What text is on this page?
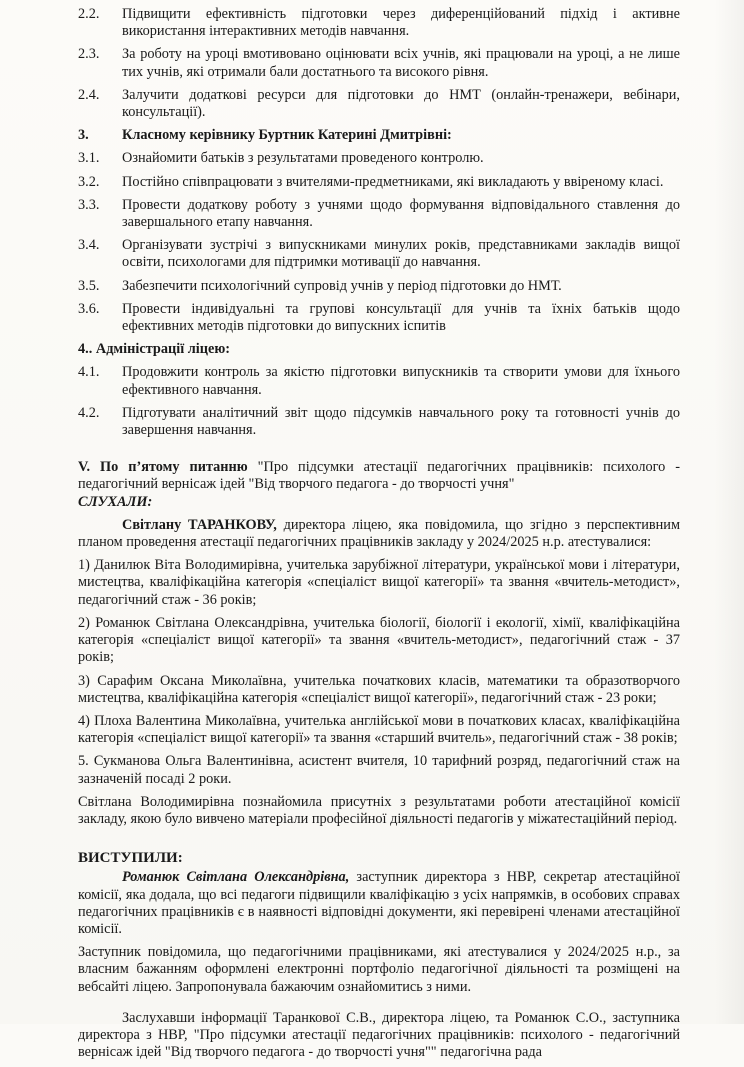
2.2.	Підвищити ефективність підготовки через диференційований підхід і активне використання інтерактивних методів навчання.
2.3.	За роботу на уроці вмотивовано оцінювати всіх учнів, які працювали на уроці, а не лише тих учнів, які отримали бали достатнього та високого рівня.
2.4.	Залучити додаткові ресурси для підготовки до НМТ (онлайн-тренажери, вебінари, консультації).
3.	Класному керівнику Буртник Катерині Дмитрівні:
3.1.	Ознайомити батьків з результатами проведеного контролю.
3.2.	Постійно співпрацювати з вчителями-предметниками, які викладають у ввіреному класі.
3.3.	Провести додаткову роботу з учнями щодо формування відповідального ставлення до завершального етапу навчання.
3.4.	Організувати зустрічі з випускниками минулих років, представниками закладів вищої освіти, психологами для підтримки мотивації до навчання.
3.5.	Забезпечити психологічний супровід учнів у період підготовки до НМТ.
3.6.	Провести індивідуальні та групові консультації для учнів та їхніх батьків щодо ефективних методів підготовки до випускних іспитів
4.. Адміністрації ліцею:
4.1.	Продовжити контроль за якістю підготовки випускників та створити умови для їхнього ефективного навчання.
4.2.	Підготувати аналітичний звіт щодо підсумків навчального року та готовності учнів до завершення навчання.
V. По п’ятому питанню "Про підсумки атестації педагогічних працівників: психолого - педагогічний вернісаж ідей "Від творчого педагога - до творчості учня"
СЛУХАЛИ:
Світлану ТАРАНКОВУ, директора ліцею, яка повідомила, що згідно з перспективним планом проведення атестації педагогічних працівників закладу у 2024/2025 н.р. атестувалися:
1) Данилюк Віта Володимирівна, учителька зарубіжної літератури, української мови і літератури, мистецтва, кваліфікаційна категорія «спеціаліст вищої категорії» та звання «вчитель-методист», педагогічний стаж - 36 років;
2) Романюк Світлана Олександрівна, учителька біології, біології і екології, хімії, кваліфікаційна категорія «спеціаліст вищої категорії» та звання «вчитель-методист», педагогічний стаж - 37 років;
3) Сарафим Оксана Миколаївна, учителька початкових класів, математики та образотворчого мистецтва, кваліфікаційна категорія «спеціаліст вищої категорії», педагогічний стаж - 23 роки;
4) Плоха Валентина Миколаївна, учителька англійської мови в початкових класах, кваліфікаційна категорія «спеціаліст вищої категорії» та звання «старший вчитель», педагогічний стаж - 38 років;
5. Сукманова Ольга Валентинівна, асистент вчителя, 10 тарифний розряд, педагогічний стаж на зазначеній посаді 2 роки.
Світлана Володимирівна познайомила присутніх з результатами роботи атестаційної комісії закладу, якою було вивчено матеріали професійної діяльності педагогів у міжатестаційний період.
ВИСТУПИЛИ:
Романюк Світлана Олександрівна, заступник директора з НВР, секретар атестаційної комісії, яка додала, що всі педагоги підвищили кваліфікацію з усіх напрямків, в особових справах педагогічних працівників є в наявності відповідні документи, які перевірені членами атестаційної комісії.
Заступник повідомила, що педагогічними працівниками, які атестувалися у 2024/2025 н.р., за власним бажанням оформлені електронні портфоліо педагогічної діяльності та розміщені на вебсайті ліцею. Запропонувала бажаючим ознайомитись з ними.
Заслухавши інформації Таранкової С.В., директора ліцею, та Романюк С.О., заступника директора з НВР, "Про підсумки атестації педагогічних працівників: психолого - педагогічний вернісаж ідей "Від творчого педагога - до творчості учня"" педагогічна рада
